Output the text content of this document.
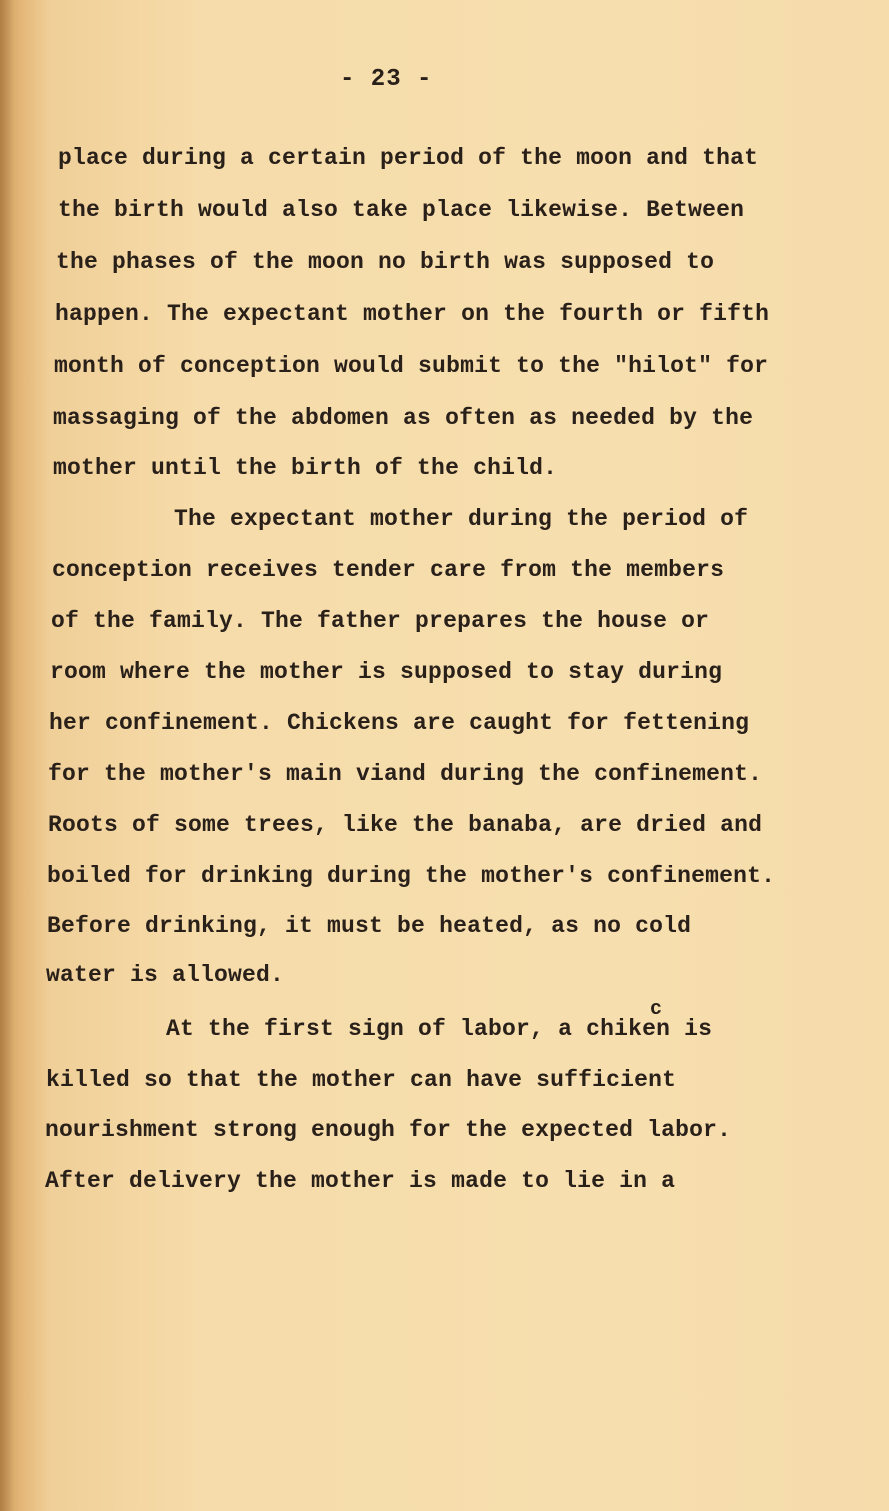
- 23 -
place during a certain period of the moon and that
the birth would also take place likewise. Between
the phases of the moon no birth was supposed to
happen. The expectant mother on the fourth or fifth
month of conception would submit to the "hilot" for
massaging of the abdomen as often as needed by the
mother until the birth of the child.
The expectant mother during the period of
conception receives tender care from the members
of the family. The father prepares the house or
room where the mother is supposed to stay during
her confinement. Chickens are caught for fettening
for the mother's main viand during the confinement.
Roots of some trees, like the banaba, are dried and
boiled for drinking during the mother's confinement.
Before drinking, it must be heated, as no cold
water is allowed.
c
At the first sign of labor, a chiken is
killed so that the mother can have sufficient
nourishment strong enough for the expected labor.
After delivery the mother is made to lie in a
